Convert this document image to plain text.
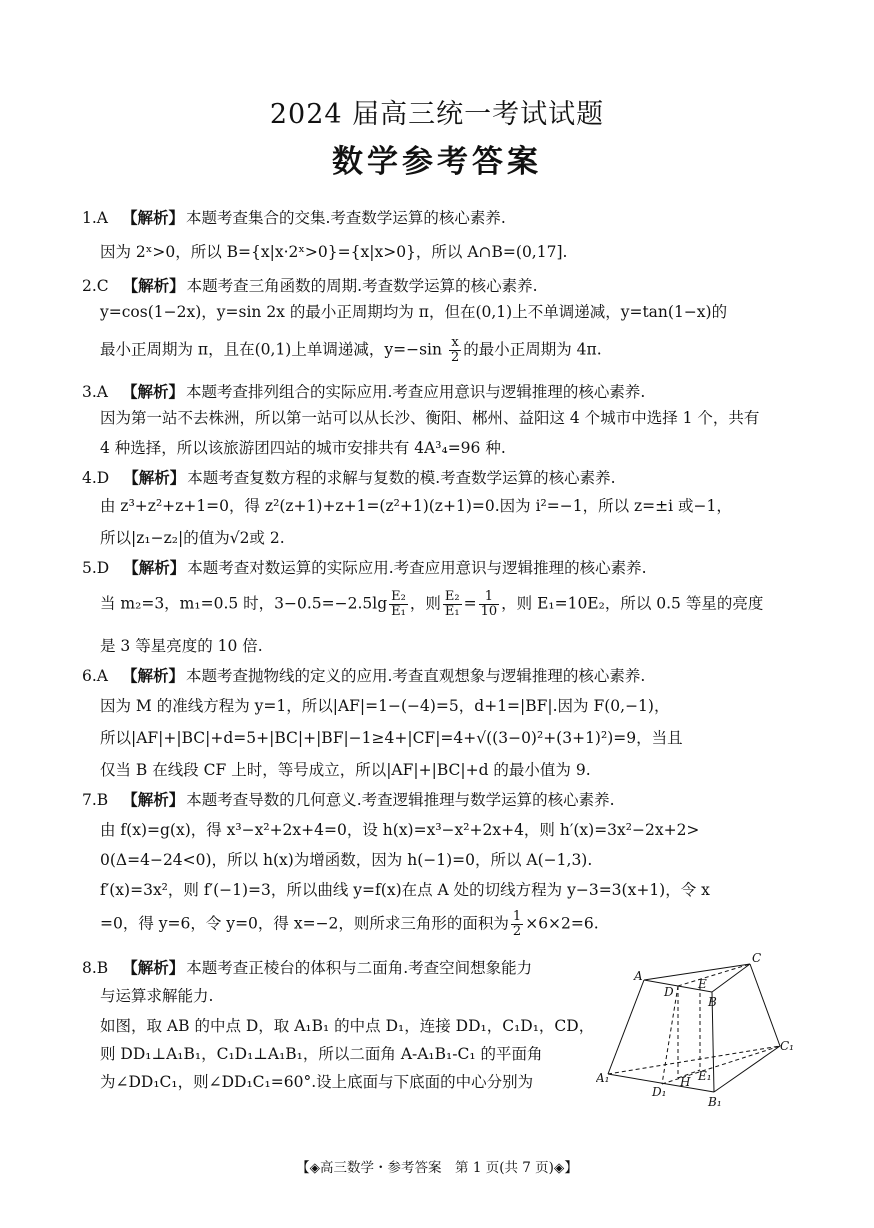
2024 届高三统一考试试题
数学参考答案
1.A 【解析】 本题考查集合的交集.考查数学运算的核心素养.
因为 2ˣ>0，所以 B={x|x·2ˣ>0}={x|x>0}，所以 A∩B=(0,17].
2.C 【解析】 本题考查三角函数的周期.考查数学运算的核心素养.
y=cos(1−2x)，y=sin 2x 的最小正周期均为 π，但在(0,1)上不单调递减，y=tan(1−x)的
最小正周期为 π，且在(0,1)上单调递减，$y=-\sin \frac{x}{2}$ 的最小正周期为 4π.
3.A 【解析】 本题考查排列组合的实际应用.考查应用意识与逻辑推理的核心素养.
因为第一站不去株洲，所以第一站可以从长沙、衡阳、郴州、益阳这 4 个城市中选择 1 个，共有
4 种选择，所以该旅游团四站的城市安排共有 4A³₄=96 种.
4.D 【解析】 本题考查复数方程的求解与复数的模.考查数学运算的核心素养.
由 z³+z²+z+1=0，得 z²(z+1)+z+1=(z²+1)(z+1)=0.因为 i²=−1，所以 z=±i 或−1，
所以|z₁−z₂|的值为√2或 2.
5.D 【解析】 本题考查对数运算的实际应用.考查应用意识与逻辑推理的核心素养.
当 m₂=3，m₁=0.5 时，$3-0.5=-2.5\lg \frac{\text{E₂}}{\text{E₁}}$ ，则 $\frac{\text{E₂}}{\text{E₁}} = \frac{1}{10}$ ，则 E₁=10E₂，所以 0.5 等星的亮度
是 3 等星亮度的 10 倍.
6.A 【解析】 本题考查抛物线的定义的应用.考查直观想象与逻辑推理的核心素养.
因为 M 的准线方程为 y=1，所以|AF|=1−(−4)=5，d+1=|BF|.因为 F(0,−1)，
所以|AF|+|BC|+d=5+|BC|+|BF|−1≥4+|CF|=4+√((3−0)²+(3+1)²)=9，当且
仅当 B 在线段 CF 上时，等号成立，所以|AF|+|BC|+d 的最小值为 9.
7.B 【解析】 本题考查导数的几何意义.考查逻辑推理与数学运算的核心素养.
由 f(x)=g(x)，得 x³−x²+2x+4=0，设 h(x)=x³−x²+2x+4，则 h′(x)=3x²−2x+2>
0(Δ=4−24<0)，所以 h(x)为增函数，因为 h(−1)=0，所以 A(−1,3).
f′(x)=3x²，则 f′(−1)=3，所以曲线 y=f(x)在点 A 处的切线方程为 y−3=3(x+1)，令 x
=0，得 y=6，令 y=0，得 x=−2，则所求三角形的面积为 $\frac{1}{2} \times 6\times 2=6$.
8.B 【解析】 本题考查正棱台的体积与二面角.考查空间想象能力
与运算求解能力.
如图，取 AB 的中点 D，取 A₁B₁ 的中点 D₁，连接 DD₁，C₁D₁，CD，
则 DD₁⊥A₁B₁，C₁D₁⊥A₁B₁，所以二面角 A-A₁B₁-C₁ 的平面角
为∠DD₁C₁，则∠DD₁C₁=60°.设上底面与下底面的中心分别为
A
C
D
E
B
C₁
A₁
D₁
H E₁
B₁
【◈高三数学・参考答案　第 1 页(共 7 页)◈】
